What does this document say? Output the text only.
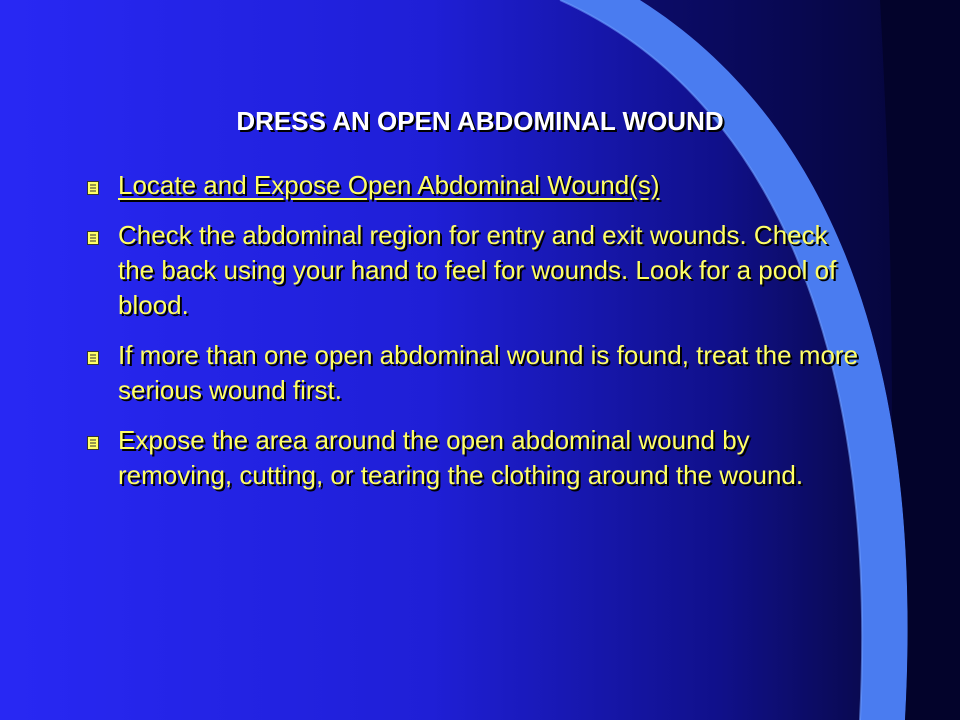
DRESS AN OPEN ABDOMINAL WOUND
Locate and Expose Open Abdominal Wound(s)
Check the abdominal region for entry and exit wounds. Check the back using your hand to feel for wounds. Look for a pool of blood.
If more than one open abdominal wound is found, treat the more serious wound first.
Expose the area around the open abdominal wound by removing, cutting, or tearing the clothing around the wound.
